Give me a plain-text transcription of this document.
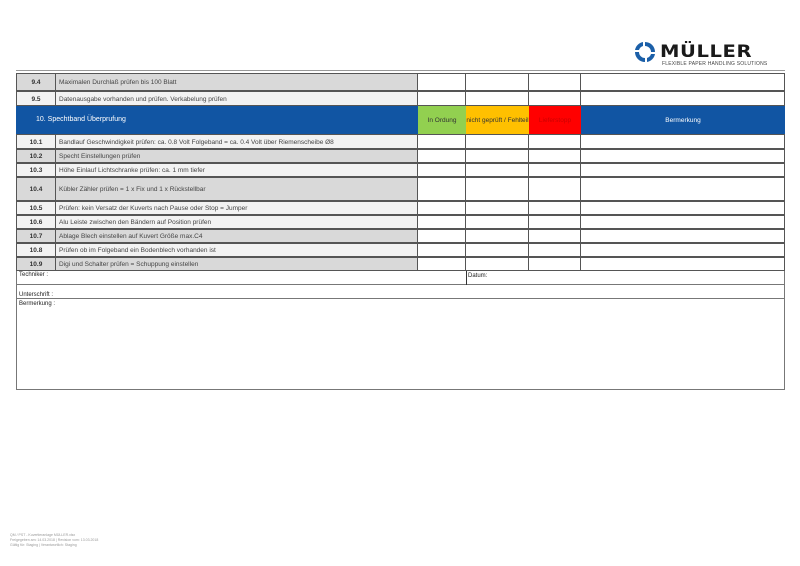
MÜLLER
FLEXIBLE PAPER HANDLING SOLUTIONS
9.4	Maximalen Durchlaß prüfen bis 100 Blatt
9.5	Datenausgabe vorhanden und prüfen. Verkabelung prüfen
10. Spechtband Überprufung	In Ordung	nicht geprüft / Fehlteil	Lieferstopp	Bermerkung
10.1	Bandlauf Geschwindigkeit prüfen: ca. 0.8 Volt Folgeband = ca. 0.4 Volt über Riemenscheibe Ø8
10.2	Specht Einstellungen prüfen
10.3	Höhe Einlauf Lichtschranke prüfen: ca. 1 mm tiefer
10.4	Kübler Zähler prüfen = 1 x Fix und 1 x Rückstellbar
10.5	Prüfen: kein Versatz der Kuverts nach Pause oder Stop = Jumper
10.6	Alu Leiste zwischen den Bändern auf Position prüfen
10.7	Ablage Blech einstellen auf Kuvert Größe max.C4
10.8	Prüfen ob im Folgeband ein Bodenblech vorhanden ist
10.9	Digi und Schalter prüfen = Schuppung einstellen
Techniker :	Datum:
Unterschrift :
Bermerkung :
QM / PST - Kuvertieranlage MÜLLER.xlsx
Freigegeben am: 14.03.2018 | Revision vom: 13.03.2018
Gültig für: Staging | Verantwortlich: Staging
